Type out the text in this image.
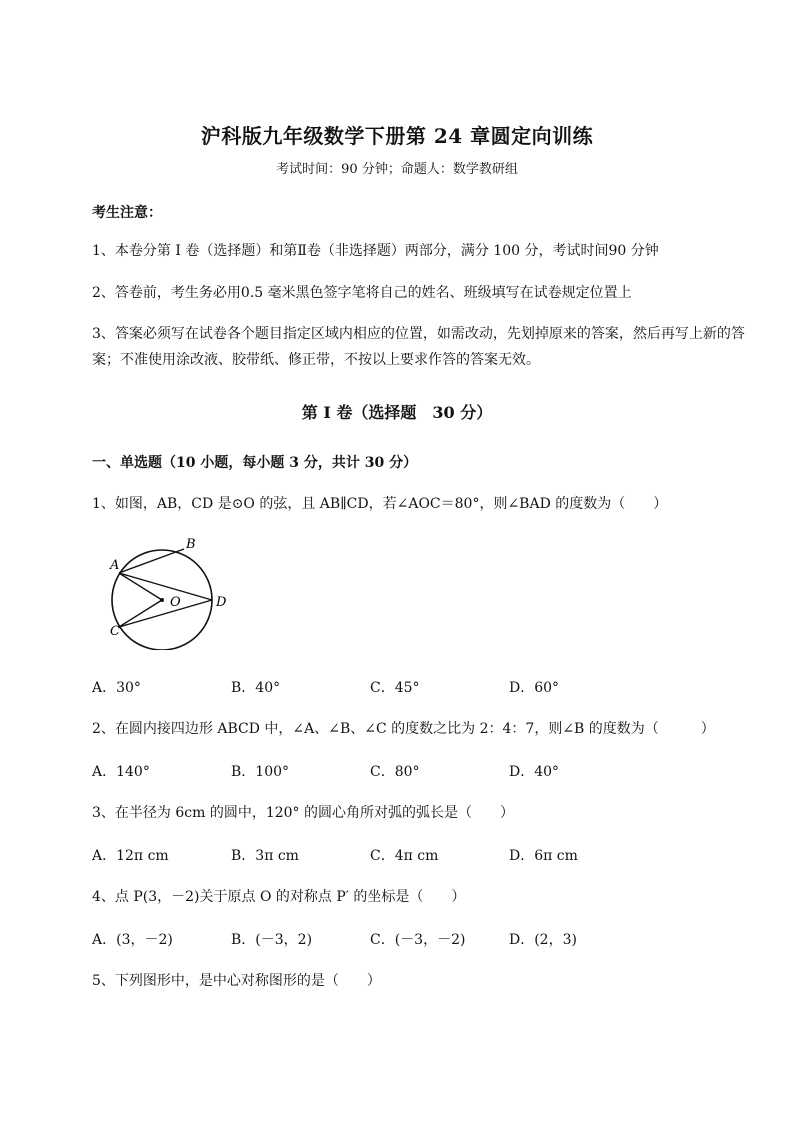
沪科版九年级数学下册第 24 章圆定向训练
考试时间：90 分钟；命题人：数学教研组
考生注意：
1、本卷分第 I 卷（选择题）和第Ⅱ卷（非选择题）两部分，满分 100 分，考试时间90 分钟
2、答卷前，考生务必用0.5 毫米黑色签字笔将自己的姓名、班级填写在试卷规定位置上
3、答案必须写在试卷各个题目指定区域内相应的位置，如需改动，先划掉原来的答案，然后再写上新的答案；不准使用涂改液、胶带纸、修正带，不按以上要求作答的答案无效。
第 I 卷（选择题　30 分）
一、单选题（10 小题，每小题 3 分，共计 30 分）
1、如图，AB，CD 是⊙O 的弦，且 AB∥CD，若∠AOC＝80°，则∠BAD 的度数为（　　）
A
B
O	D
C
A．30°	B．40°	C．45°	D．60°
2、在圆内接四边形 ABCD 中，∠A、∠B、∠C 的度数之比为 2：4：7，则∠B 的度数为（　　　）
A．140°	B．100°	C．80°	D．40°
3、在半径为 6cm 的圆中，120° 的圆心角所对弧的弧长是（　　）
A．12π cm	B．3π cm	C．4π cm	D．6π cm
4、点 P(3，－2)关于原点 O 的对称点 P′ 的坐标是（　　）
A．(3，－2)	B．(－3，2)	C．(－3，－2)	D．(2，3)
5、下列图形中，是中心对称图形的是（　　）
